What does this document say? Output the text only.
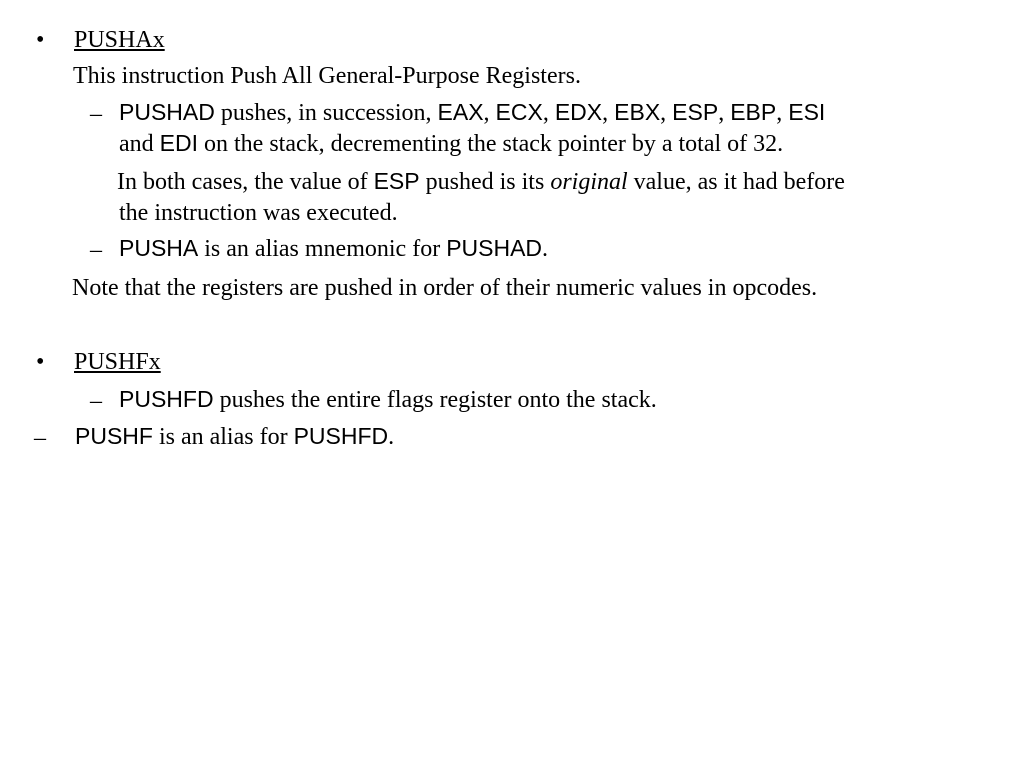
• PUSHAx
This instruction Push All General-Purpose Registers.
– PUSHAD pushes, in succession, EAX, ECX, EDX, EBX, ESP, EBP, ESI
and EDI on the stack, decrementing the stack pointer by a total of 32.
In both cases, the value of ESP pushed is its original value, as it had before
the instruction was executed.
– PUSHA is an alias mnemonic for PUSHAD.
Note that the registers are pushed in order of their numeric values in opcodes.
• PUSHFx
– PUSHFD pushes the entire flags register onto the stack.
– PUSHF is an alias for PUSHFD.
